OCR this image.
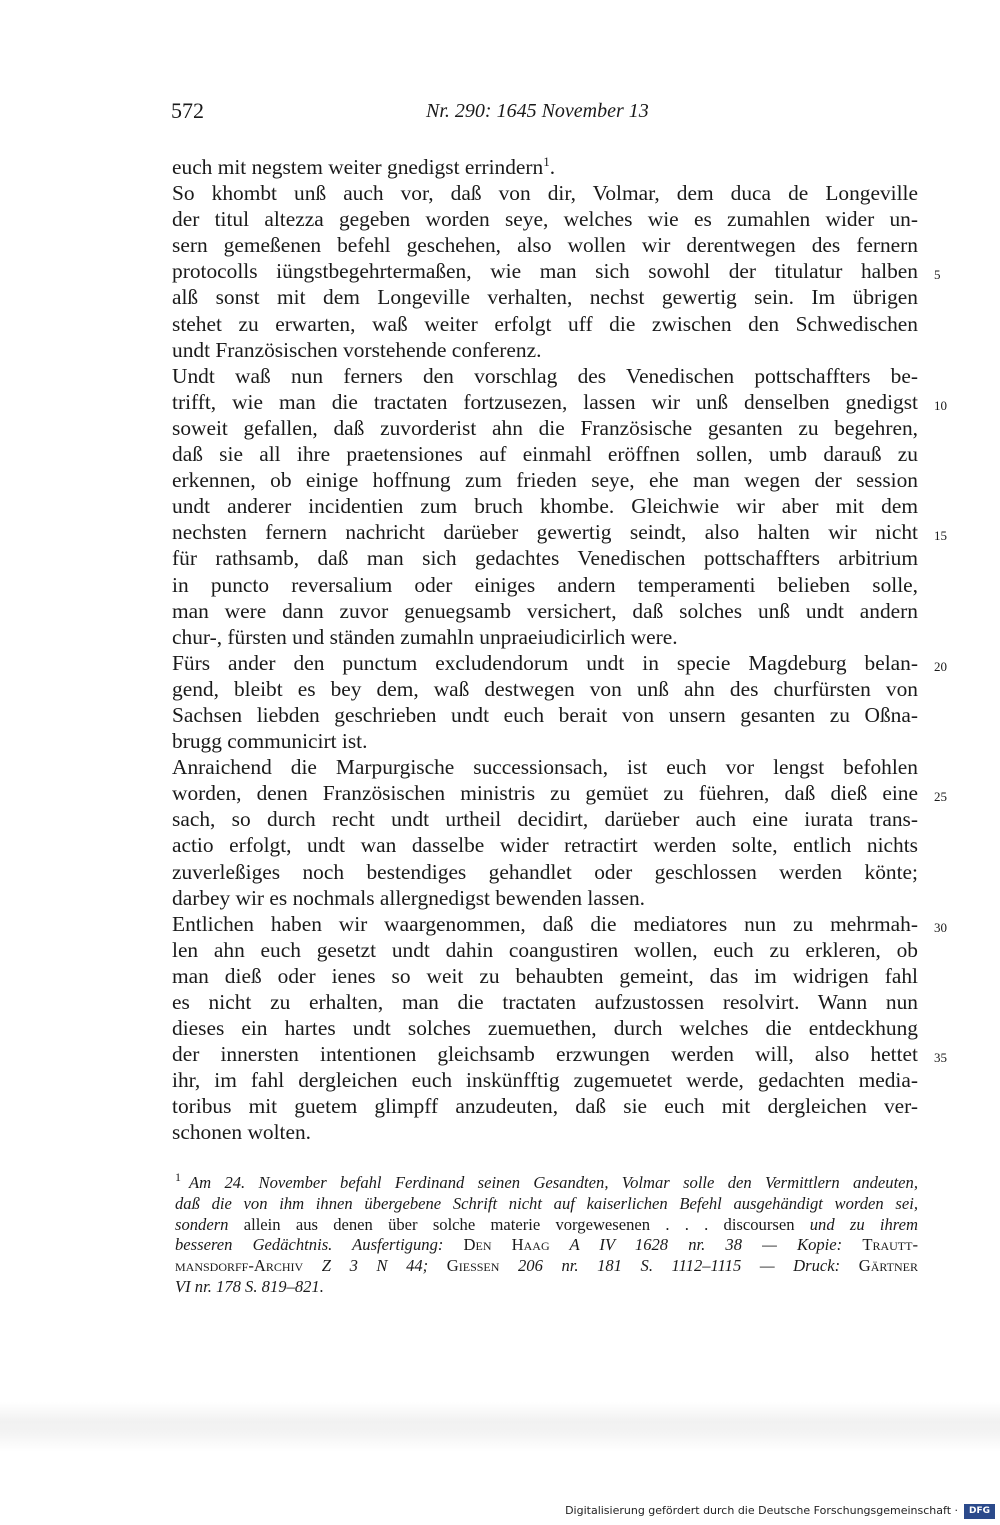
572	Nr. 290: 1645 November 13
euch mit negstem weiter gnedigst errindern$^1$.
So khombt unß auch vor, daß von dir, Volmar, dem duca de Longeville
der titul altezza gegeben worden seye, welches wie es zumahlen wider un-
sern gemeßenen befehl geschehen, also wollen wir derentwegen des fernern
protocolls iüngstbegehrtermaßen, wie man sich sowohl der titulatur halben 5
alß sonst mit dem Longeville verhalten, nechst gewertig sein. Im übrigen
stehet zu erwarten, waß weiter erfolgt uff die zwischen den Schwedischen
undt Französischen vorstehende conferenz.
Undt waß nun ferners den vorschlag des Venedischen pottschaffters be-
trifft, wie man die tractaten fortzusezen, lassen wir unß denselben gnedigst 10
soweit gefallen, daß zuvorderist ahn die Französische gesanten zu begehren,
daß sie all ihre praetensiones auf einmahl eröffnen sollen, umb darauß zu
erkennen, ob einige hoffnung zum frieden seye, ehe man wegen der session
undt anderer incidentien zum bruch khombe. Gleichwie wir aber mit dem
nechsten fernern nachricht darüeber gewertig seindt, also halten wir nicht 15
für rathsamb, daß man sich gedachtes Venedischen pottschaffters arbitrium
in puncto reversalium oder einiges andern temperamenti belieben solle,
man were dann zuvor genuegsamb versichert, daß solches unß undt andern
chur-, fürsten und ständen zumahln unpraeiudicirlich were.
Fürs ander den punctum excludendorum undt in specie Magdeburg belan- 20
gend, bleibt es bey dem, waß destwegen von unß ahn des churfürsten von
Sachsen liebden geschrieben undt euch berait von unsern gesanten zu Oßna-
brugg communicirt ist.
Anraichend die Marpurgische successionsach, ist euch vor lengst befohlen
worden, denen Französischen ministris zu gemüet zu füehren, daß dieß eine 25
sach, so durch recht undt urtheil decidirt, darüeber auch eine iurata trans-
actio erfolgt, undt wan dasselbe wider retractirt werden solte, entlich nichts
zuverleßiges noch bestendiges gehandlet oder geschlossen werden könte;
darbey wir es nochmals allergnedigst bewenden lassen.
Entlichen haben wir waargenommen, daß die mediatores nun zu mehrmah- 30
len ahn euch gesetzt undt dahin coangustiren wollen, euch zu erkleren, ob
man dieß oder ienes so weit zu behaubten gemeint, das im widrigen fahl
es nicht zu erhalten, man die tractaten aufzustossen resolvirt. Wann nun
dieses ein hartes undt solches zuemuethen, durch welches die entdeckhung
der innersten intentionen gleichsamb erzwungen werden will, also hettet 35
ihr, im fahl dergleichen euch inskünfftig zugemuetet werde, gedachten media-
toribus mit guetem glimpff anzudeuten, daß sie euch mit dergleichen ver-
schonen wolten.
$^1$ Am 24. November befahl Ferdinand seinen Gesandten, Volmar solle den Vermittlern andeuten,
daß die von ihm ihnen übergebene Schrift nicht auf kaiserlichen Befehl ausgehändigt worden sei,
sondern allein aus denen über solche materie vorgewesenen . . . discoursen und zu ihrem
besseren Gedächtnis. Ausfertigung: Den Haag A IV 1628 nr. 38 — Kopie: Trautt-
mansdorff-Archiv Z 3 N 44; Giessen 206 nr. 181 S. 1112–1115 — Druck: Gärtner
VI nr. 178 S. 819–821.
Digitalisierung gefördert durch die Deutsche Forschungsgemeinschaft ·	DFG
